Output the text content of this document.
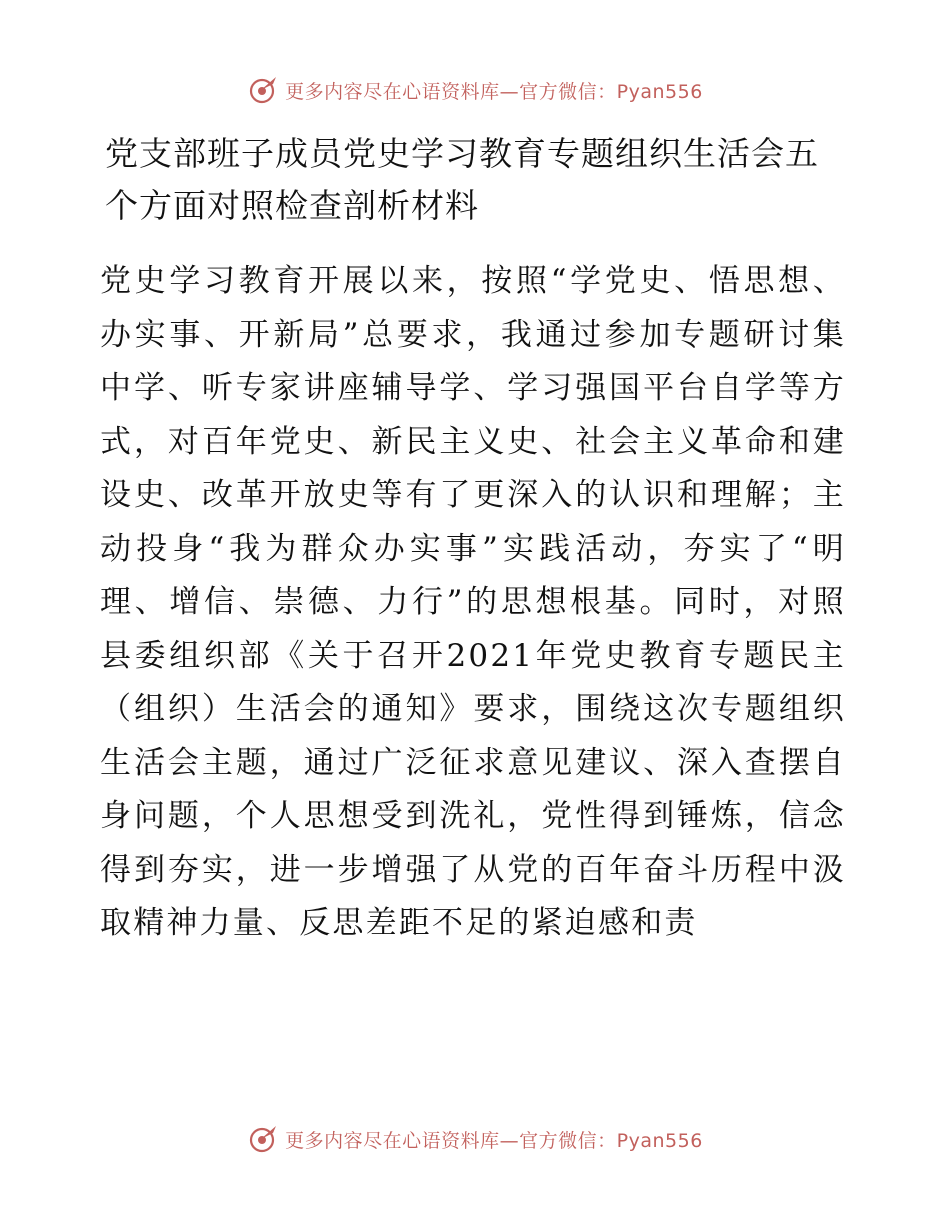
更多内容尽在心语资料库—官方微信：Pyan556
党支部班子成员党史学习教育专题组织生活会五个方面对照检查剖析材料

党史学习教育开展以来，按照“学党史、悟思想、办实事、开新局”总要求，我通过参加专题研讨集中学、听专家讲座辅导学、学习强国平台自学等方式，对百年党史、新民主义史、社会主义革命和建设史、改革开放史等有了更深入的认识和理解；主动投身“我为群众办实事”实践活动，夯实了“明理、增信、崇德、力行”的思想根基。同时，对照县委组织部《关于召开2021年党史教育专题民主（组织）生活会的通知》要求，围绕这次专题组织生活会主题，通过广泛征求意见建议、深入查摆自身问题，个人思想受到洗礼，党性得到锤炼，信念得到夯实，进一步增强了从党的百年奋斗历程中汲取精神力量、反思差距不足的紧迫感和责

更多内容尽在心语资料库—官方微信：Pyan556
